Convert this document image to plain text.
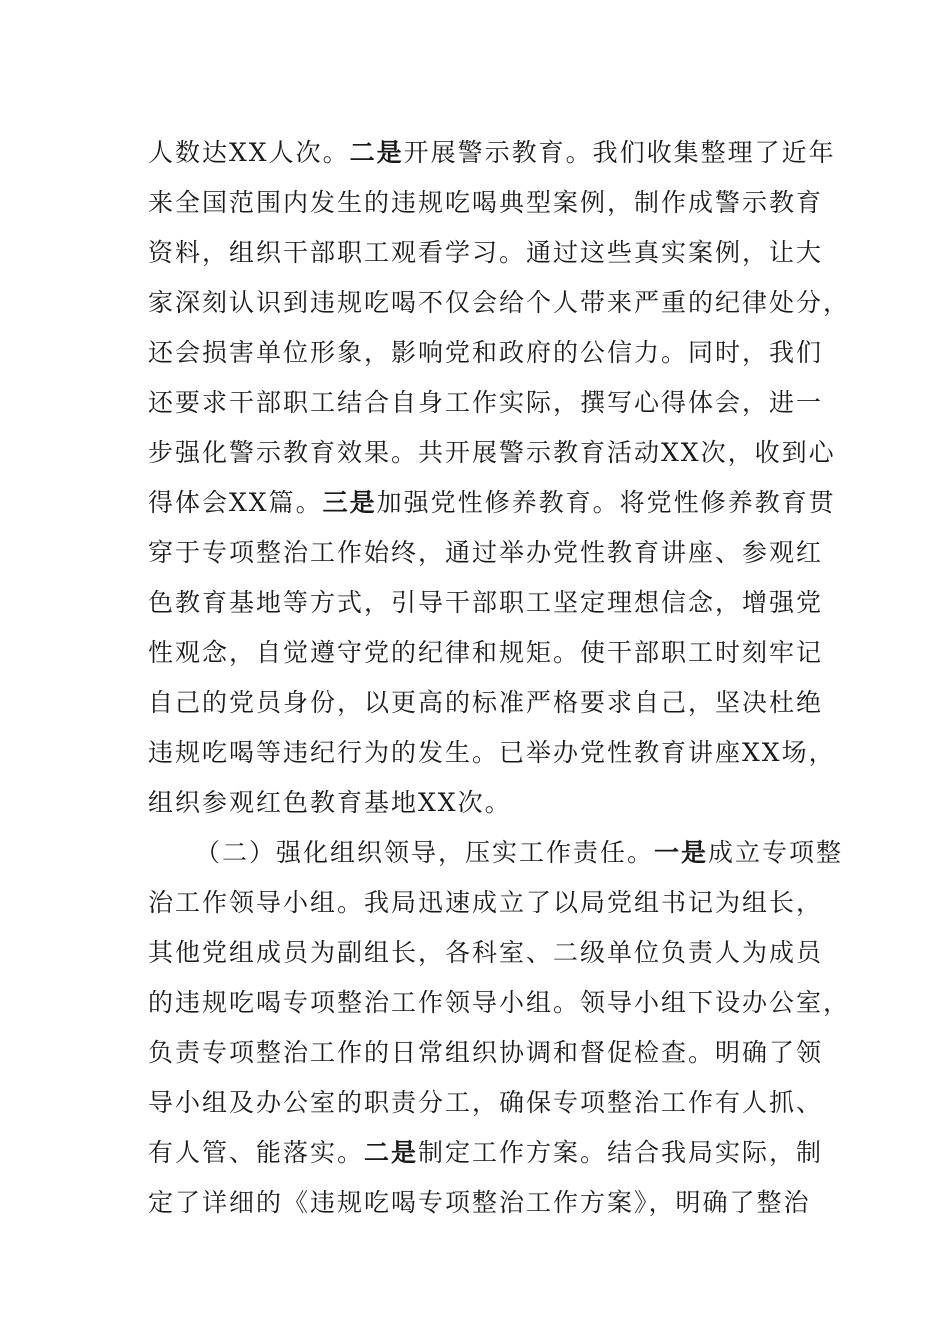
人数达XX人次。二是开展警示教育。我们收集整理了近年
来全国范围内发生的违规吃喝典型案例，制作成警示教育
资料，组织干部职工观看学习。通过这些真实案例，让大
家深刻认识到违规吃喝不仅会给个人带来严重的纪律处分，
还会损害单位形象，影响党和政府的公信力。同时，我们
还要求干部职工结合自身工作实际，撰写心得体会，进一
步强化警示教育效果。共开展警示教育活动XX次，收到心
得体会XX篇。三是加强党性修养教育。将党性修养教育贯
穿于专项整治工作始终，通过举办党性教育讲座、参观红
色教育基地等方式，引导干部职工坚定理想信念，增强党
性观念，自觉遵守党的纪律和规矩。使干部职工时刻牢记
自己的党员身份，以更高的标准严格要求自己，坚决杜绝
违规吃喝等违纪行为的发生。已举办党性教育讲座XX场，
组织参观红色教育基地XX次。
（二）强化组织领导，压实工作责任。一是成立专项整
治工作领导小组。我局迅速成立了以局党组书记为组长，
其他党组成员为副组长，各科室、二级单位负责人为成员
的违规吃喝专项整治工作领导小组。领导小组下设办公室，
负责专项整治工作的日常组织协调和督促检查。明确了领
导小组及办公室的职责分工，确保专项整治工作有人抓、
有人管、能落实。二是制定工作方案。结合我局实际，制
定了详细的《违规吃喝专项整治工作方案》，明确了整治
